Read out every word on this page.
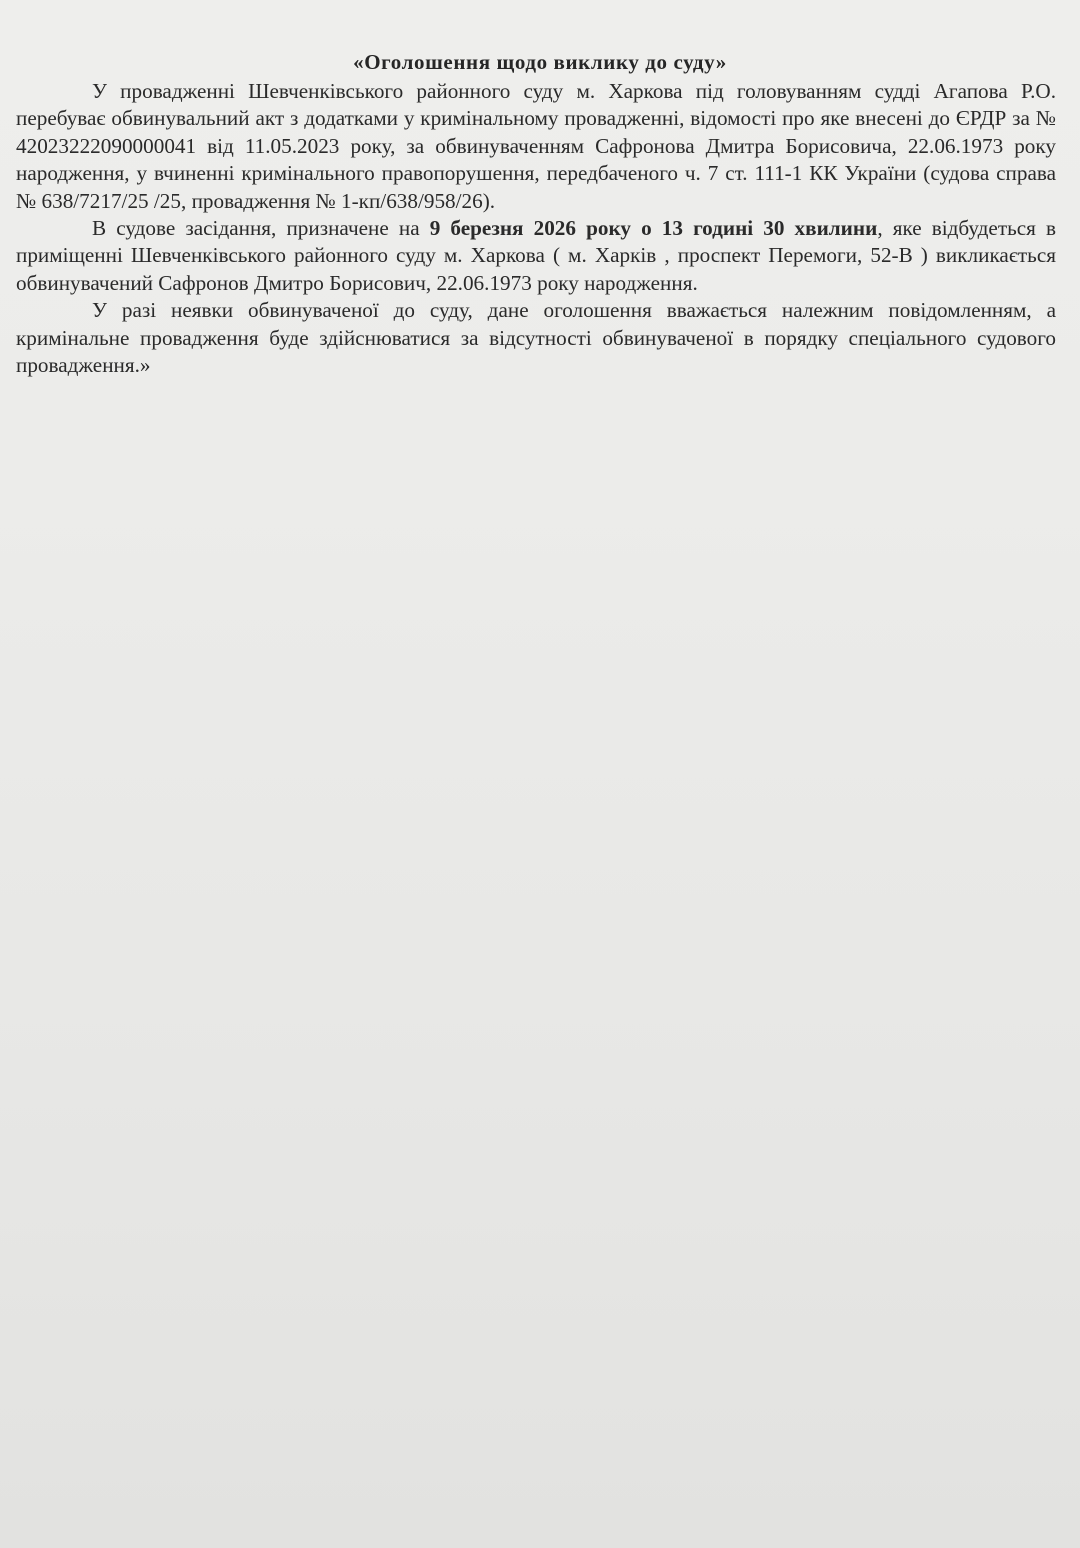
«Оголошення щодо виклику до суду»

У провадженні Шевченківського районного суду м. Харкова під головуванням судді Агапова Р.О. перебуває обвинувальний акт з додатками у кримінальному провадженні, відомості про яке внесені до ЄРДР за № 42023222090000041 від 11.05.2023 року, за обвинуваченням Сафронова Дмитра Борисовича, 22.06.1973 року народження, у вчиненні кримінального правопорушення, передбаченого ч. 7 ст. 111-1 КК України (судова справа № 638/7217/25 /25, провадження № 1-кп/638/958/26).

В судове засідання, призначене на 9 березня 2026 року о 13 годині 30 хвилини, яке відбудеться в приміщенні Шевченківського районного суду м. Харкова ( м. Харків , проспект Перемоги, 52-В ) викликається обвинувачений Сафронов Дмитро Борисович, 22.06.1973 року народження.

У разі неявки обвинуваченої до суду, дане оголошення вважається належним повідомленням, а кримінальне провадження буде здійснюватися за відсутності обвинуваченої в порядку спеціального судового провадження.»
